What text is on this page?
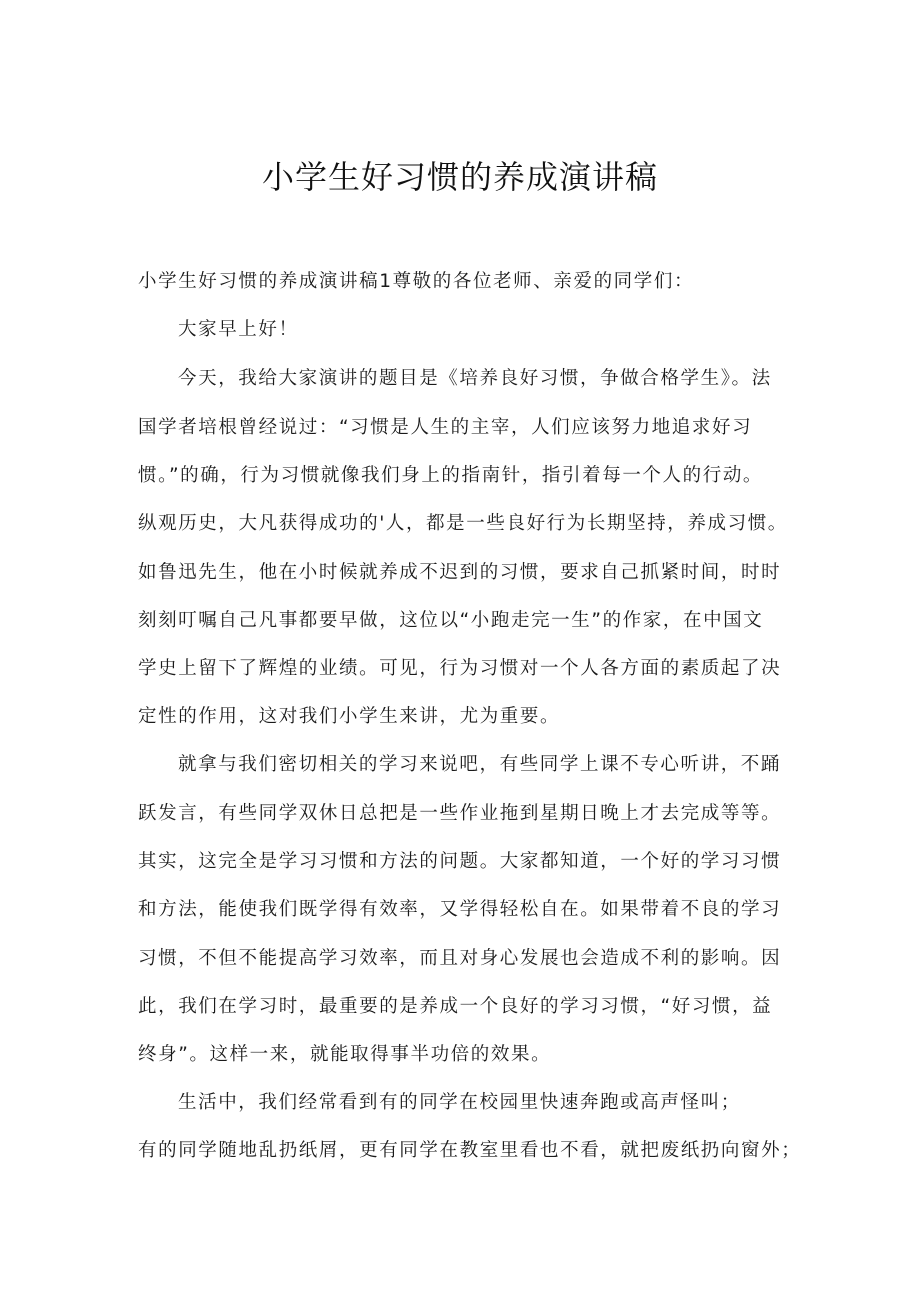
小学生好习惯的养成演讲稿
小学生好习惯的养成演讲稿1尊敬的各位老师、亲爱的同学们：
大家早上好！
今天，我给大家演讲的题目是《培养良好习惯，争做合格学生》。法
国学者培根曾经说过：“习惯是人生的主宰，人们应该努力地追求好习
惯。”的确，行为习惯就像我们身上的指南针，指引着每一个人的行动。
纵观历史，大凡获得成功的'人，都是一些良好行为长期坚持，养成习惯。
如鲁迅先生，他在小时候就养成不迟到的习惯，要求自己抓紧时间，时时
刻刻叮嘱自己凡事都要早做，这位以“小跑走完一生”的作家，在中国文
学史上留下了辉煌的业绩。可见，行为习惯对一个人各方面的素质起了决
定性的作用，这对我们小学生来讲，尤为重要。
就拿与我们密切相关的学习来说吧，有些同学上课不专心听讲，不踊
跃发言，有些同学双休日总把是一些作业拖到星期日晚上才去完成等等。
其实，这完全是学习习惯和方法的问题。大家都知道，一个好的学习习惯
和方法，能使我们既学得有效率，又学得轻松自在。如果带着不良的学习
习惯，不但不能提高学习效率，而且对身心发展也会造成不利的影响。因
此，我们在学习时，最重要的是养成一个良好的学习习惯，“好习惯，益
终身”。这样一来，就能取得事半功倍的效果。
生活中，我们经常看到有的同学在校园里快速奔跑或高声怪叫；
有的同学随地乱扔纸屑，更有同学在教室里看也不看，就把废纸扔向窗外；
